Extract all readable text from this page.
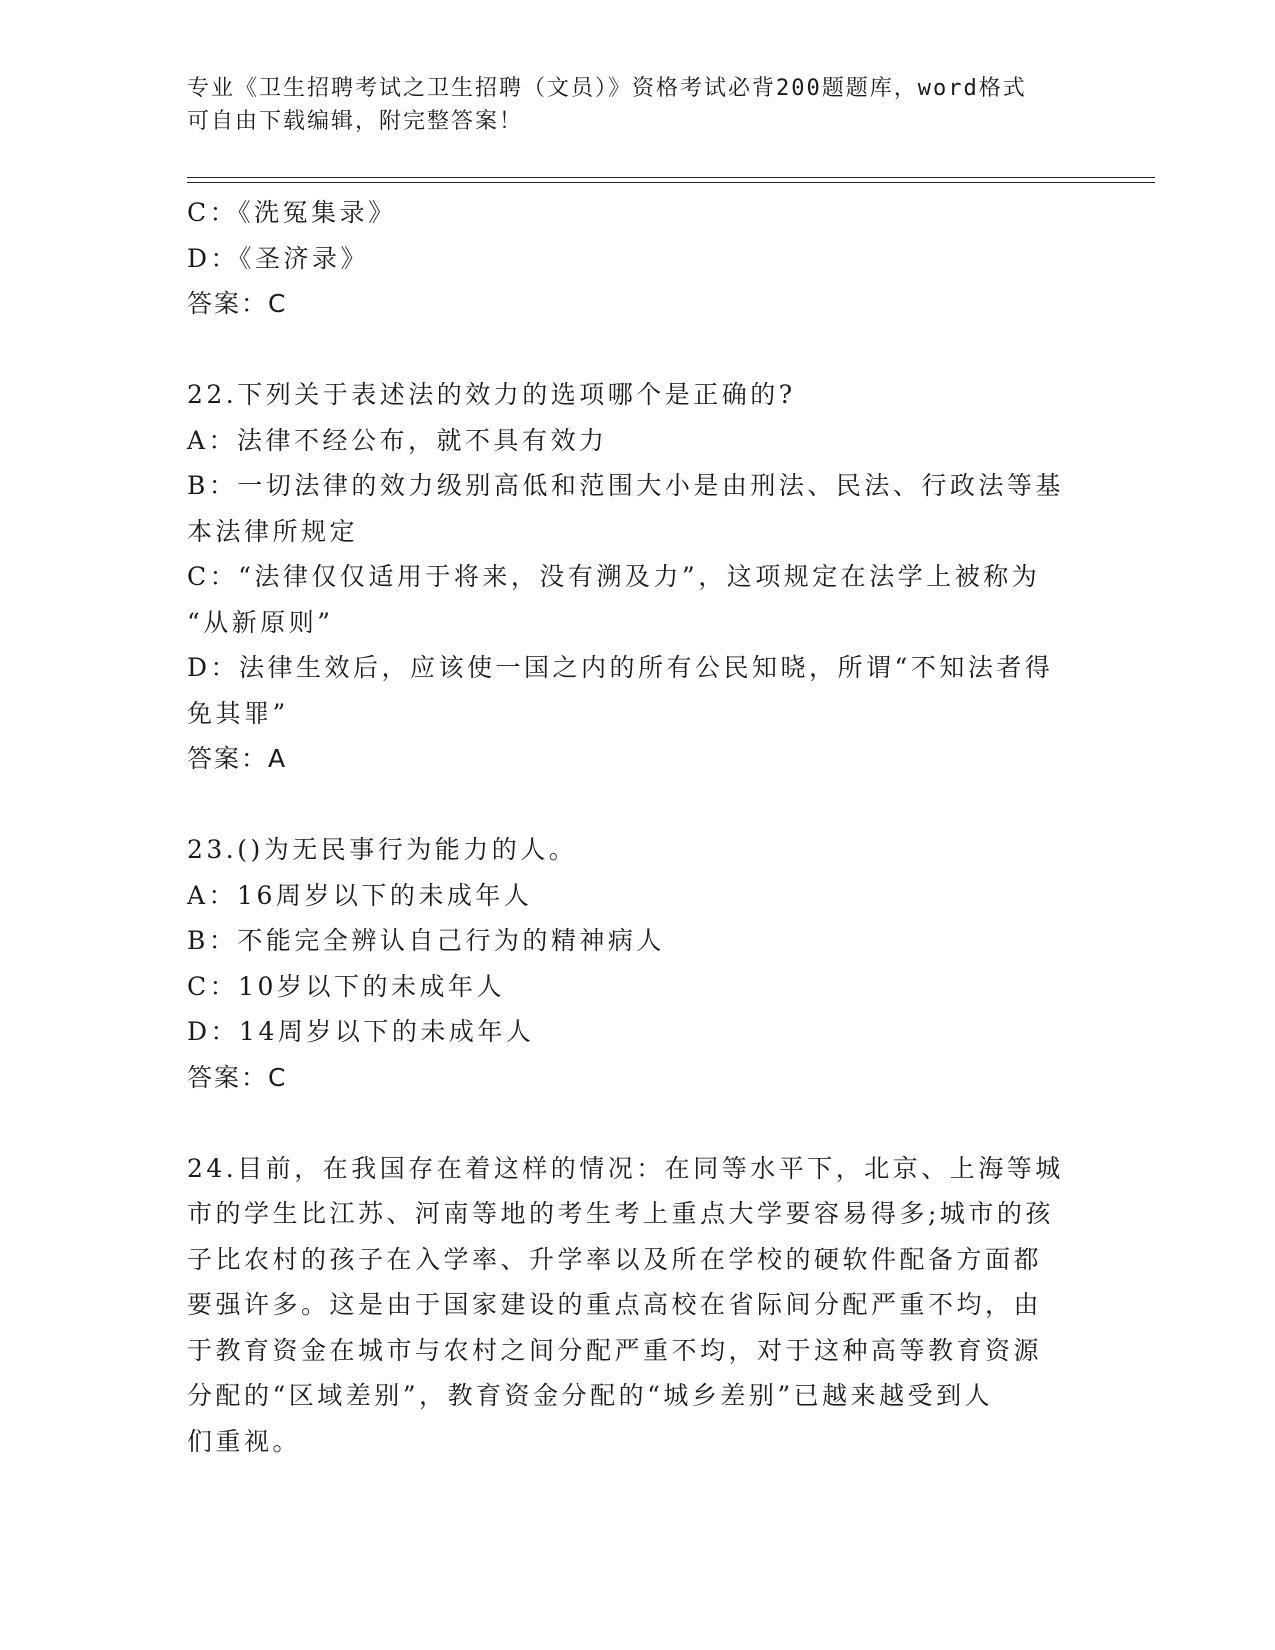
专业《卫生招聘考试之卫生招聘（文员）》资格考试必背200题题库，word格式
可自由下载编辑，附完整答案！
C：《洗冤集录》
D：《圣济录》
答案：C
22.下列关于表述法的效力的选项哪个是正确的?
A：法律不经公布，就不具有效力
B：一切法律的效力级别高低和范围大小是由刑法、民法、行政法等基
本法律所规定
C：“法律仅仅适用于将来，没有溯及力”，这项规定在法学上被称为
“从新原则”
D：法律生效后，应该使一国之内的所有公民知晓，所谓“不知法者得
免其罪”
答案：A
23.()为无民事行为能力的人。
A：16周岁以下的未成年人
B：不能完全辨认自己行为的精神病人
C：10岁以下的未成年人
D：14周岁以下的未成年人
答案：C
24.目前，在我国存在着这样的情况：在同等水平下，北京、上海等城
市的学生比江苏、河南等地的考生考上重点大学要容易得多;城市的孩
子比农村的孩子在入学率、升学率以及所在学校的硬软件配备方面都
要强许多。这是由于国家建设的重点高校在省际间分配严重不均，由
于教育资金在城市与农村之间分配严重不均，对于这种高等教育资源
分配的“区域差别”，教育资金分配的“城乡差别”已越来越受到人
们重视。
